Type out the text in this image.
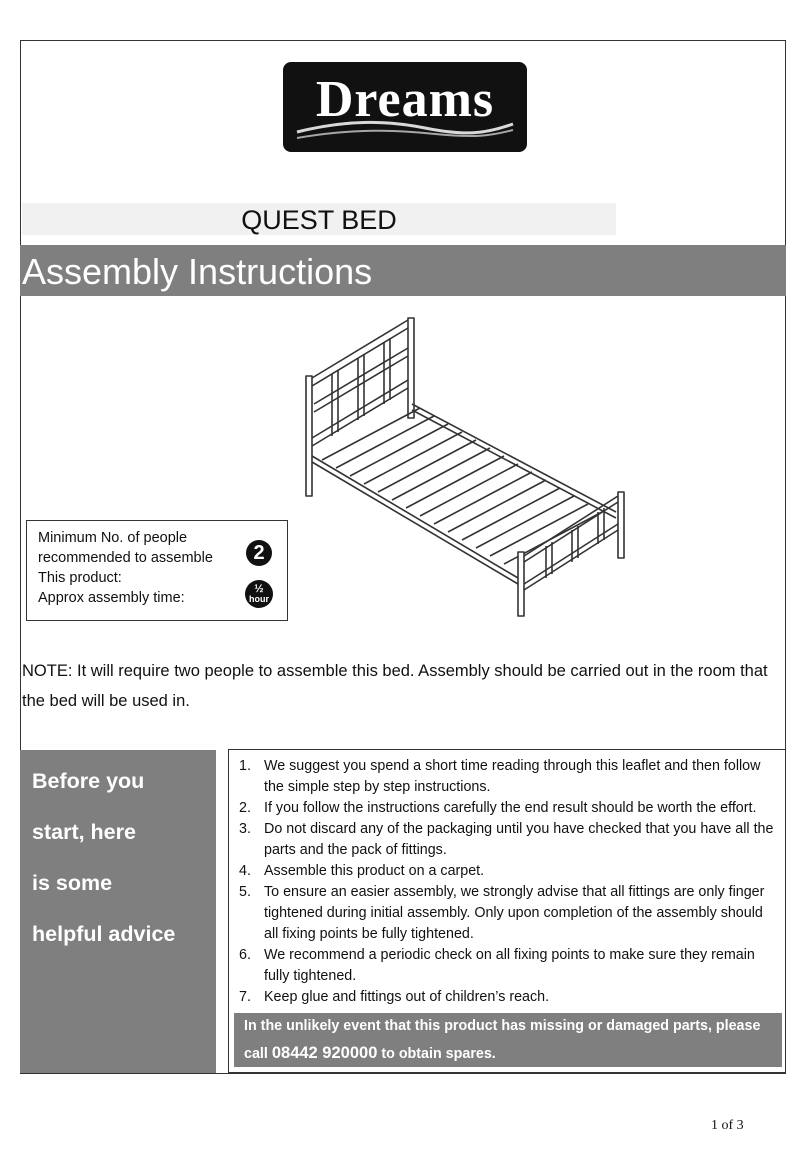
Dreams
QUEST BED
Assembly Instructions
Minimum No. of people
recommended to assemble
This product:
Approx assembly time:
2
½
hour
NOTE: It will require two people to assemble this bed. Assembly should be carried out in the room that the bed will be used in.
Before you
start, here
is some
helpful advice
1. We suggest you spend a short time reading through this leaflet and then follow the simple step by step instructions.
2. If you follow the instructions carefully the end result should be worth the effort.
3. Do not discard any of the packaging until you have checked that you have all the parts and the pack of fittings.
4. Assemble this product on a carpet.
5. To ensure an easier assembly, we strongly advise that all fittings are only finger tightened during initial assembly. Only upon completion of the assembly should all fixing points be fully tightened.
6. We recommend a periodic check on all fixing points to make sure they remain fully tightened.
7. Keep glue and fittings out of children’s reach.
In the unlikely event that this product has missing or damaged parts, please
call 08442 920000 to obtain spares.
1 of 3
